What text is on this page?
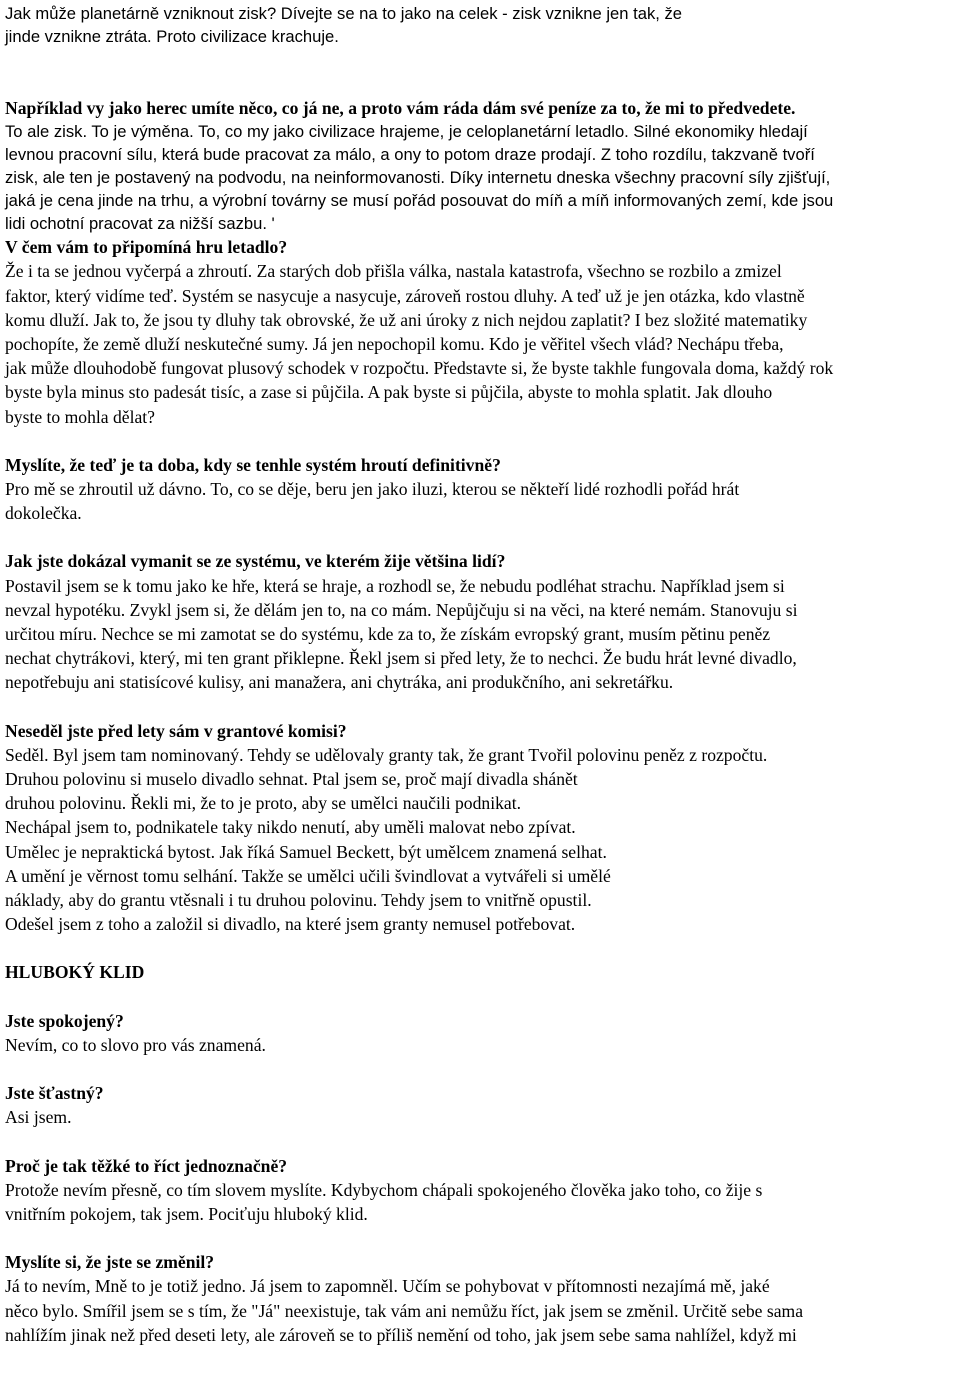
Jak může planetárně vzniknout zisk? Dívejte se na to jako na celek - zisk vznikne jen tak, že
jinde vznikne ztráta. Proto civilizace krachuje.
Například vy jako herec umíte něco, co já ne, a proto vám ráda dám své peníze za to, že mi to předvedete.
To ale zisk. To je výměna. To, co my jako civilizace hrajeme, je celoplanetární letadlo. Silné ekonomiky hledají
levnou pracovní sílu, která bude pracovat za málo, a ony to potom draze prodají. Z toho rozdílu, takzvaně tvoří
zisk, ale ten je postavený na podvodu, na neinformovanosti. Díky internetu dneska všechny pracovní síly zjišťují,
jaká je cena jinde na trhu, a výrobní továrny se musí pořád posouvat do míň a míň informovaných zemí, kde jsou
lidi ochotní pracovat za nižší sazbu. '

V čem vám to připomíná hru letadlo?

Že i ta se jednou vyčerpá a zhroutí. Za starých dob přišla válka, nastala katastrofa, všechno se rozbilo a zmizel
faktor, který vidíme teď. Systém se nasycuje a nasycuje, zároveň rostou dluhy. A teď už je jen otázka, kdo vlastně
komu dluží. Jak to, že jsou ty dluhy tak obrovské, že už ani úroky z nich nejdou zaplatit? I bez složité matematiky
pochopíte, že země dluží neskutečné sumy. Já jen nepochopil komu. Kdo je věřitel všech vlád? Nechápu třeba,
jak může dlouhodobě fungovat plusový schodek v rozpočtu. Představte si, že byste takhle fungovala doma, každý rok
byste byla minus sto padesát tisíc, a zase si půjčila. A pak byste si půjčila, abyste to mohla splatit. Jak dlouho
byste to mohla dělat?

Myslíte, že teď je ta doba, kdy se tenhle systém hroutí definitivně?

Pro mě se zhroutil už dávno. To, co se děje, beru jen jako iluzi, kterou se někteří lidé rozhodli pořád hrát
dokolečka.

Jak jste dokázal vymanit se ze systému, ve kterém žije většina lidí?

Postavil jsem se k tomu jako ke hře, která se hraje, a rozhodl se, že nebudu podléhat strachu. Například jsem si
nevzal hypotéku. Zvykl jsem si, že dělám jen to, na co mám. Nepůjčuju si na věci, na které nemám. Stanovuju si
určitou míru. Nechce se mi zamotat se do systému, kde za to, že získám evropský grant, musím pětinu peněz
nechat chytrákovi, který, mi ten grant přiklepne. Řekl jsem si před lety, že to nechci. Že budu hrát levné divadlo,
nepotřebuju ani statisícové kulisy, ani manažera, ani chytráka, ani produkčního, ani sekretářku.

Neseděl jste před lety sám v grantové komisi?

Seděl. Byl jsem tam nominovaný. Tehdy se udělovaly granty tak, že grant Tvořil polovinu peněz z rozpočtu.
Druhou polovinu si muselo divadlo sehnat. Ptal jsem se, proč mají divadla shánět
druhou polovinu. Řekli mi, že to je proto, aby se umělci naučili podnikat.
Nechápal jsem to, podnikatele taky nikdo nenutí, aby uměli malovat nebo zpívat.
Umělec je nepraktická bytost. Jak říká Samuel Beckett, být umělcem znamená selhat.
A umění je věrnost tomu selhání. Takže se umělci učili švindlovat a vytvářeli si umělé
náklady, aby do grantu vtěsnali i tu druhou polovinu. Tehdy jsem to vnitřně opustil.
Odešel jsem z toho a založil si divadlo, na které jsem granty nemusel potřebovat.

HLUBOKÝ KLID

Jste spokojený?

Nevím, co to slovo pro vás znamená.

Jste šťastný?

Asi jsem.

Proč je tak těžké to říct jednoznačně?

Protože nevím přesně, co tím slovem myslíte. Kdybychom chápali spokojeného člověka jako toho, co žije s
vnitřním pokojem, tak jsem. Pociťuju hluboký klid.

Myslíte si, že jste se změnil?

Já to nevím, Mně to je totiž jedno. Já jsem to zapomněl. Učím se pohybovat v přítomnosti nezajímá mě, jaké
něco bylo. Smířil jsem se s tím, že "Já" neexistuje, tak vám ani nemůžu říct, jak jsem se změnil. Určitě sebe sama
nahlížím jinak než před deseti lety, ale zároveň se to příliš nemění od toho, jak jsem sebe sama nahlížel, když mi
